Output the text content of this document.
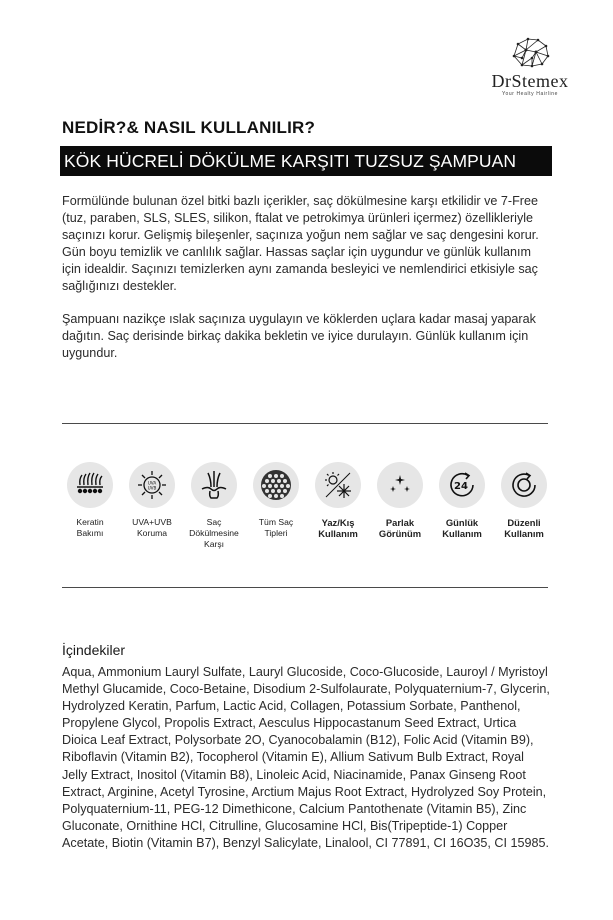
DrStemex
Your Healty Hairline
NEDİR?& NASIL KULLANILIR?
KÖK HÜCRELİ DÖKÜLME KARŞITI TUZSUZ ŞAMPUAN
Formülünde bulunan özel bitki bazlı içerikler, saç dökülmesine karşı etkilidir ve 7-Free (tuz, paraben, SLS, SLES, silikon, ftalat ve petrokimya ürünleri içermez) özellikleriyle saçınızı korur. Gelişmiş bileşenler, saçınıza yoğun nem sağlar ve saç dengesini korur. Gün boyu temizlik ve canlılık sağlar. Hassas saçlar için uygundur ve günlük kullanım için idealdir. Saçınızı temizlerken aynı zamanda besleyici ve nemlendirici etkisiyle saç sağlığınızı destekler.
Şampuanı nazikçe ıslak saçınıza uygulayın ve köklerden uçlara kadar masaj yaparak dağıtın. Saç derisinde birkaç dakika bekletin ve iyice durulayın. Günlük kullanım için uygundur.
Keratin
Bakımı
UVA
UVB
UVA+UVB
Koruma
Saç Dökülmesine
Karşı
Tüm Saç
Tipleri
Yaz/Kış
Kullanım
Parlak
Görünüm
24
Günlük
Kullanım
Düzenli
Kullanım
İçindekiler
Aqua, Ammonium Lauryl Sulfate, Lauryl Glucoside, Coco-Glucoside, Lauroyl / Myristoyl Methyl Glucamide, Coco-Betaine, Disodium 2-Sulfolaurate, Polyquaternium-7, Glycerin, Hydrolyzed Keratin, Parfum, Lactic Acid, Collagen, Potassium Sorbate, Panthenol, Propylene Glycol, Propolis Extract, Aesculus Hippocastanum Seed Extract, Urtica Dioica Leaf Extract, Polysorbate 2O, Cyanocobalamin (B12), Folic Acid (Vitamin B9), Riboflavin (Vitamin B2), Tocopherol (Vitamin E), Allium Sativum Bulb Extract, Royal Jelly Extract, Inositol (Vitamin B8), Linoleic Acid, Niacinamide, Panax Ginseng Root Extract, Arginine, Acetyl Tyrosine, Arctium Majus Root Extract, Hydrolyzed Soy Protein, Polyquaternium-11, PEG-12 Dimethicone, Calcium Pantothenate (Vitamin B5), Zinc Gluconate, Ornithine HCl, Citrulline, Glucosamine HCl, Bis(Tripeptide-1) Copper Acetate, Biotin (Vitamin B7), Benzyl Salicylate, Linalool, CI 77891, CI 16O35, CI 15985.
